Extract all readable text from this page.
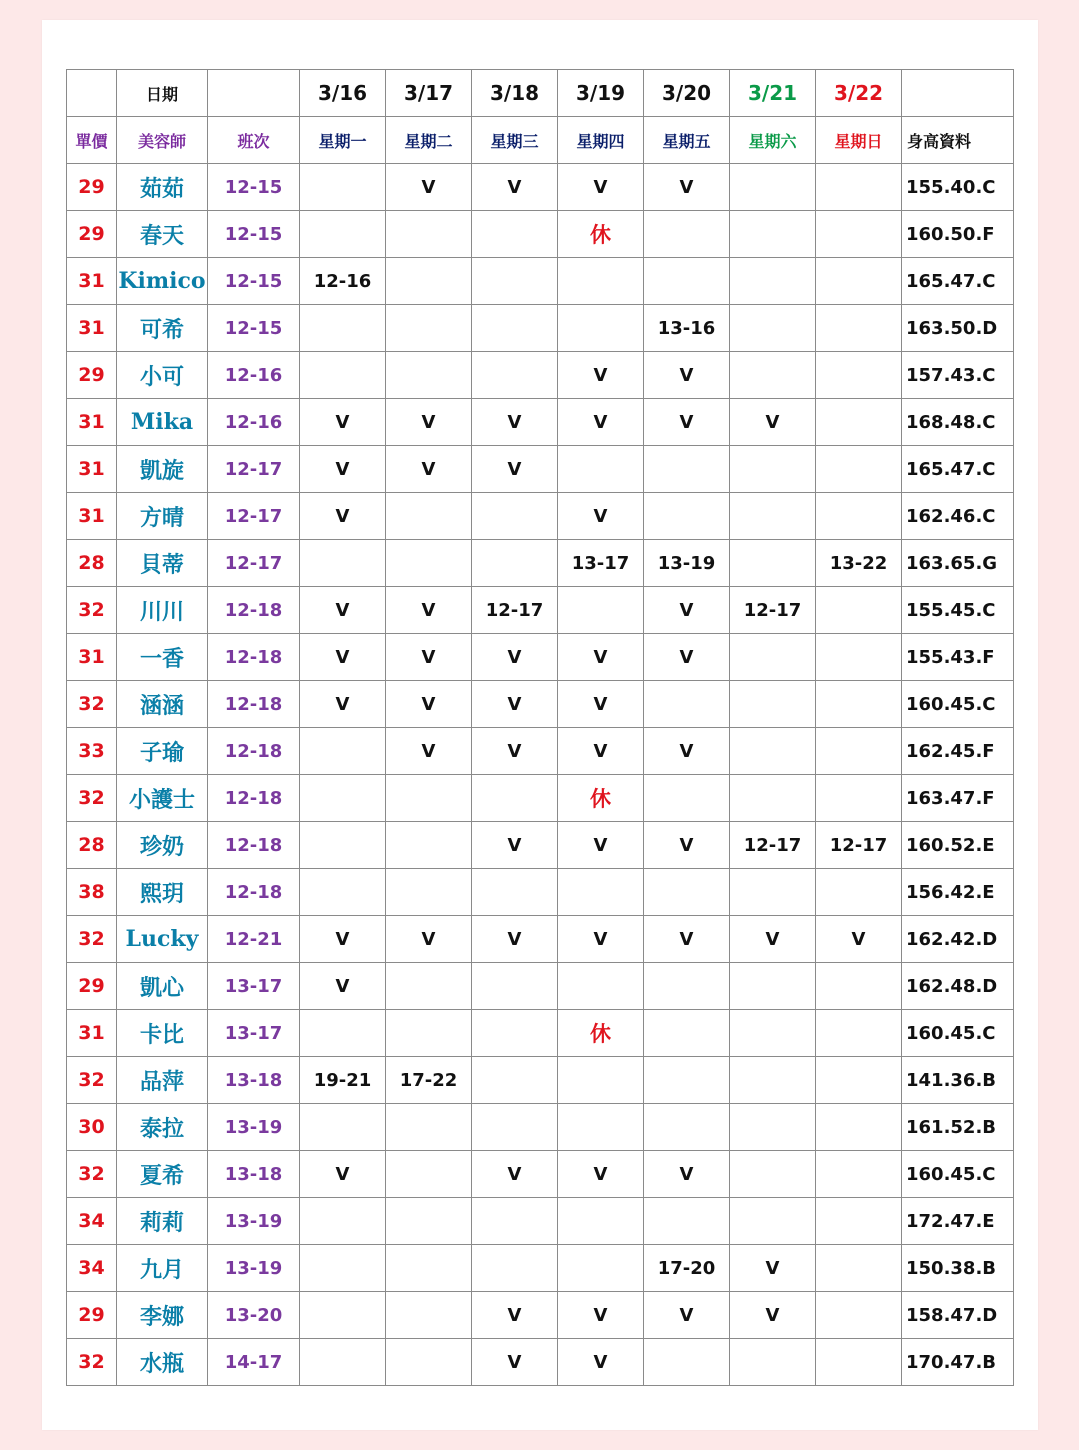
	日期		3/16	3/17	3/18	3/19	3/20	3/21	3/22	
單價	美容師	班次	星期一	星期二	星期三	星期四	星期五	星期六	星期日	身高資料
29	茹茹	12-15		V	V	V	V			155.40.C
29	春天	12-15				休				160.50.F
31	Kimico	12-15	12-16							165.47.C
31	可希	12-15					13-16			163.50.D
29	小可	12-16				V	V			157.43.C
31	Mika	12-16	V	V	V	V	V	V		168.48.C
31	凱旋	12-17	V	V	V					165.47.C
31	方晴	12-17	V			V				162.46.C
28	貝蒂	12-17				13-17	13-19		13-22	163.65.G
32	川川	12-18	V	V	12-17		V	12-17		155.45.C
31	一香	12-18	V	V	V	V	V			155.43.F
32	涵涵	12-18	V	V	V	V				160.45.C
33	子瑜	12-18		V	V	V	V			162.45.F
32	小護士	12-18				休				163.47.F
28	珍奶	12-18			V	V	V	12-17	12-17	160.52.E
38	熙玥	12-18								156.42.E
32	Lucky	12-21	V	V	V	V	V	V	V	162.42.D
29	凱心	13-17	V							162.48.D
31	卡比	13-17				休				160.45.C
32	品萍	13-18	19-21	17-22						141.36.B
30	泰拉	13-19								161.52.B
32	夏希	13-18	V		V	V	V			160.45.C
34	莉莉	13-19								172.47.E
34	九月	13-19					17-20	V		150.38.B
29	李娜	13-20			V	V	V	V		158.47.D
32	水瓶	14-17			V	V				170.47.B
